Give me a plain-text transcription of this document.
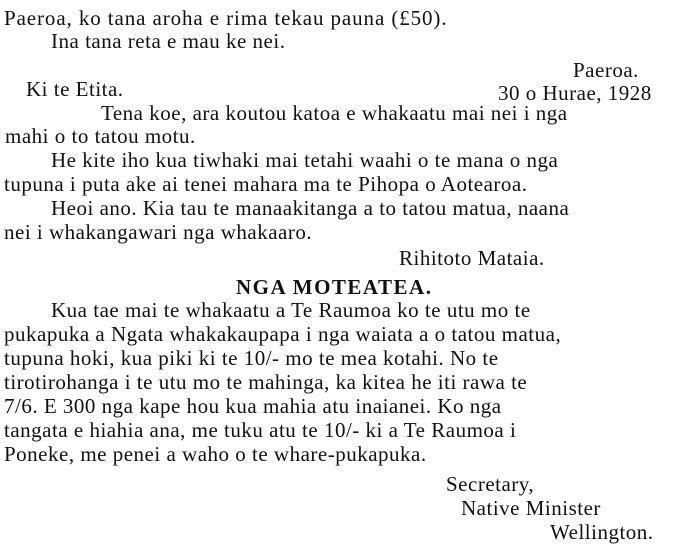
Paeroa, ko tana aroha e rima tekau pauna (£50).
Ina tana reta e mau ke nei.
Paeroa.
Ki te Etita.	30 o Hurae, 1928
Tena koe, ara koutou katoa e whakaatu mai nei i nga
mahi o to tatou motu.
He kite iho kua tiwhaki mai tetahi waahi o te mana o nga
tupuna i puta ake ai tenei mahara ma te Pihopa o Aotearoa.
Heoi ano. Kia tau te manaakitanga a to tatou matua, naana
nei i whakangawari nga whakaaro.
Rihitoto Mataia.
NGA MOTEATEA.
Kua tae mai te whakaatu a Te Raumoa ko te utu mo te
pukapuka a Ngata whakakaupapa i nga waiata a o tatou matua,
tupuna hoki, kua piki ki te 10/- mo te mea kotahi. No te
tirotirohanga i te utu mo te mahinga, ka kitea he iti rawa te
7/6. E 300 nga kape hou kua mahia atu inaianei. Ko nga
tangata e hiahia ana, me tuku atu te 10/- ki a Te Raumoa i
Poneke, me penei a waho o te whare-pukapuka.
Secretary,
Native Minister
Wellington.
